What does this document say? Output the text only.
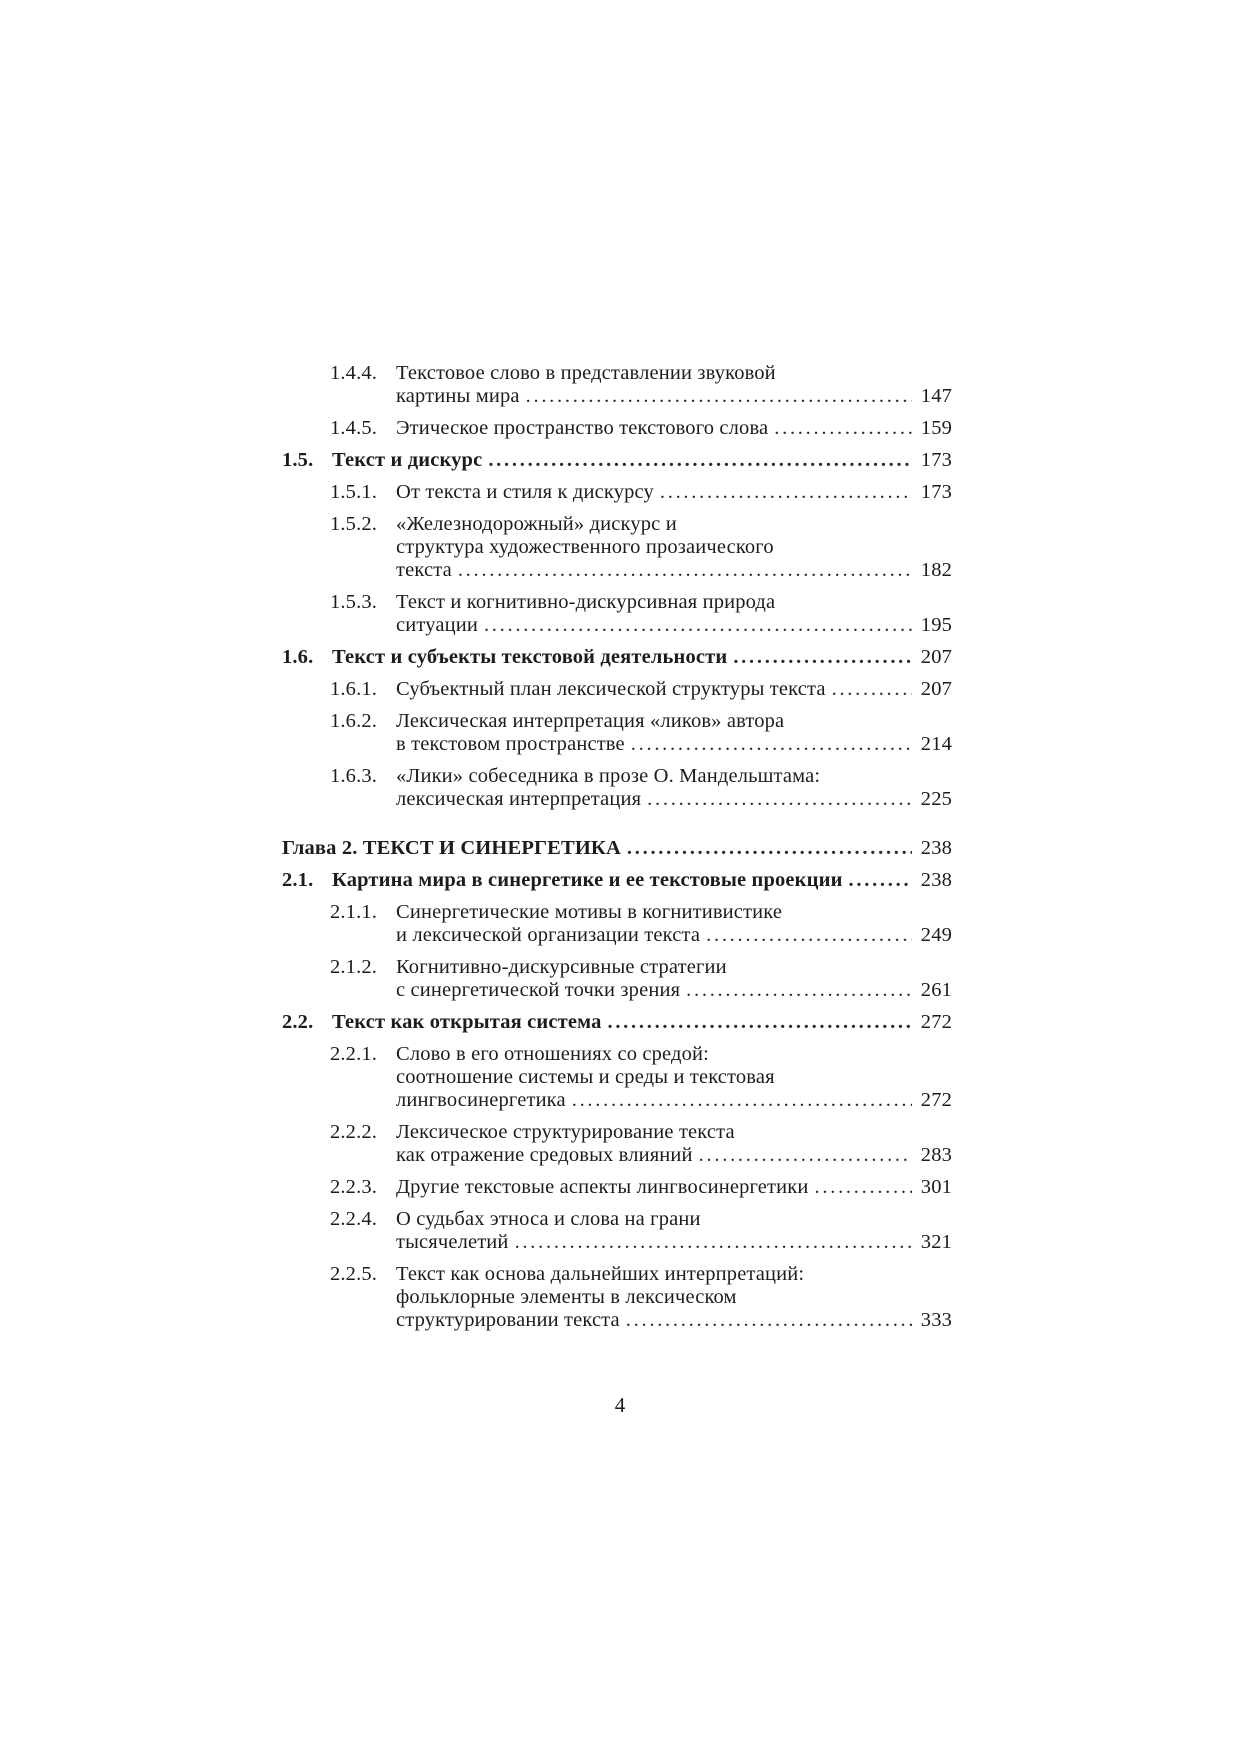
1.4.4. Текстовое слово в представлении звуковой
картины мира . . .	147
1.4.5. Этическое пространство текстового слова . . .	159
1.5. Текст и дискурс . . .	173
1.5.1. От текста и стиля к дискурсу . . .	173
1.5.2. «Железнодорожный» дискурс и
структура художественного прозаического
текста . . .	182
1.5.3. Текст и когнитивно-дискурсивная природа
ситуации . . .	195
1.6. Текст и субъекты текстовой деятельности . . .	207
1.6.1. Субъектный план лексической структуры текста . . .	207
1.6.2. Лексическая интерпретация «ликов» автора
в текстовом пространстве . . .	214
1.6.3. «Лики» собеседника в прозе О. Мандельштама:
лексическая интерпретация . . .	225
Глава 2. ТЕКСТ И СИНЕРГЕТИКА . . .	238
2.1. Картина мира в синергетике и ее текстовые проекции . . .	238
2.1.1. Синергетические мотивы в когнитивистике
и лексической организации текста . . .	249
2.1.2. Когнитивно-дискурсивные стратегии
с синергетической точки зрения . . .	261
2.2. Текст как открытая система . . .	272
2.2.1. Слово в его отношениях со средой:
соотношение системы и среды и текстовая
лингвосинергетика . . .	272
2.2.2. Лексическое структурирование текста
как отражение средовых влияний . . .	283
2.2.3. Другие текстовые аспекты лингвосинергетики . . .	301
2.2.4. О судьбах этноса и слова на грани
тысячелетий . . .	321
2.2.5. Текст как основа дальнейших интерпретаций:
фольклорные элементы в лексическом
структурировании текста . . .	333
4
